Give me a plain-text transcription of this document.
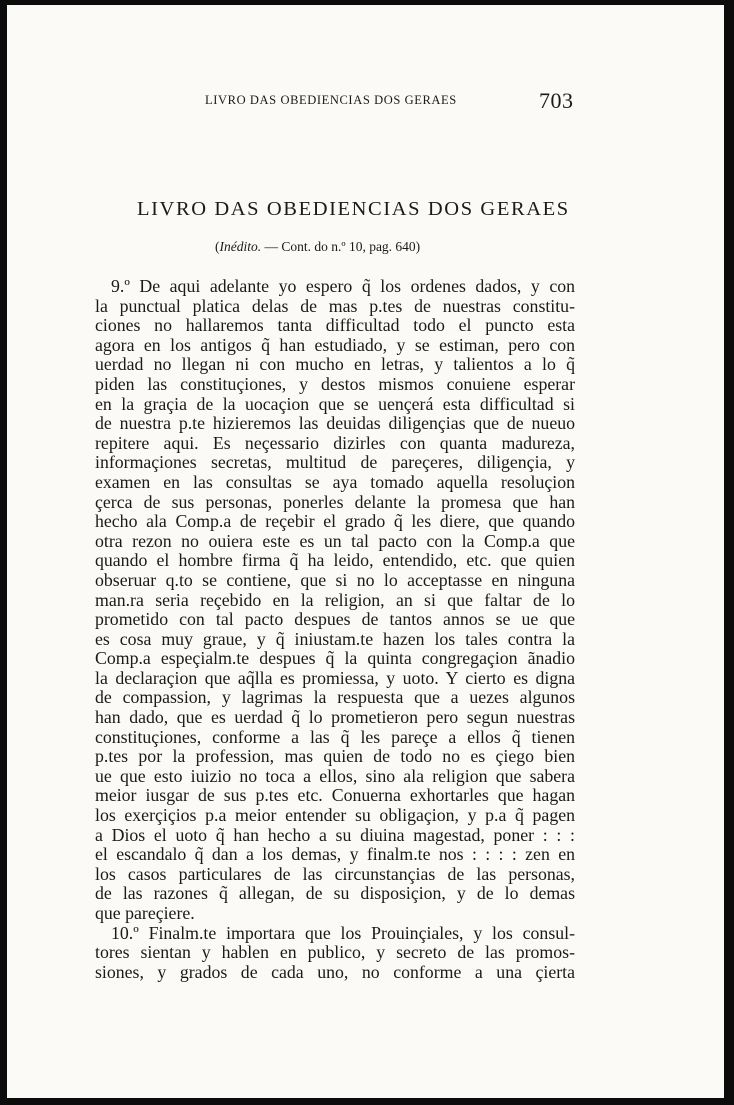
LIVRO DAS OBEDIENCIAS DOS GERAES	703
LIVRO DAS OBEDIENCIAS DOS GERAES
(Inédito. — Cont. do n.º 10, pag. 640)
9.º De aqui adelante yo espero q̃ los ordenes dados, y con
la punctual platica delas de mas p.tes de nuestras constitu-
ciones no hallaremos tanta difficultad todo el puncto esta
agora en los antigos q̃ han estudiado, y se estiman, pero con
uerdad no llegan ni con mucho en letras, y talientos a lo q̃
piden las constituçiones, y destos mismos conuiene esperar
en la graçia de la uocaçion que se uençerá esta difficultad si
de nuestra p.te hizieremos las deuidas diligençias que de nueuo
repitere aqui. Es neçessario dizirles con quanta madureza,
informaçiones secretas, multitud de pareçeres, diligençia, y
examen en las consultas se aya tomado aquella resoluçion
çerca de sus personas, ponerles delante la promesa que han
hecho ala Comp.a de reçebir el grado q̃ les diere, que quando
otra rezon no ouiera este es un tal pacto con la Comp.a que
quando el hombre firma q̃ ha leido, entendido, etc. que quien
obseruar q.to se contiene, que si no lo acceptasse en ninguna
man.ra seria reçebido en la religion, an si que faltar de lo
prometido con tal pacto despues de tantos annos se ue que
es cosa muy graue, y q̃ iniustam.te hazen los tales contra la
Comp.a espeçialm.te despues q̃ la quinta congregaçion ãnadio
la declaraçion que aq̃lla es promiessa, y uoto. Y cierto es digna
de compassion, y lagrimas la respuesta que a uezes algunos
han dado, que es uerdad q̃ lo prometieron pero segun nuestras
constituçiones, conforme a las q̃ les pareçe a ellos q̃ tienen
p.tes por la profession, mas quien de todo no es çiego bien
ue que esto iuizio no toca a ellos, sino ala religion que sabera
meior iusgar de sus p.tes etc. Conuerna exhortarles que hagan
los exerçiçios p.a meior entender su obligaçion, y p.a q̃ pagen
a Dios el uoto q̃ han hecho a su diuina magestad, poner : : :
el escandalo q̃ dan a los demas, y finalm.te nos : : : : zen en
los casos particulares de las circunstançias de las personas,
de las razones q̃ allegan, de su disposiçion, y de lo demas
que pareçiere.
10.º Finalm.te importara que los Prouinçiales, y los consul-
tores sientan y hablen en publico, y secreto de las promos-
siones, y grados de cada uno, no conforme a una çierta
